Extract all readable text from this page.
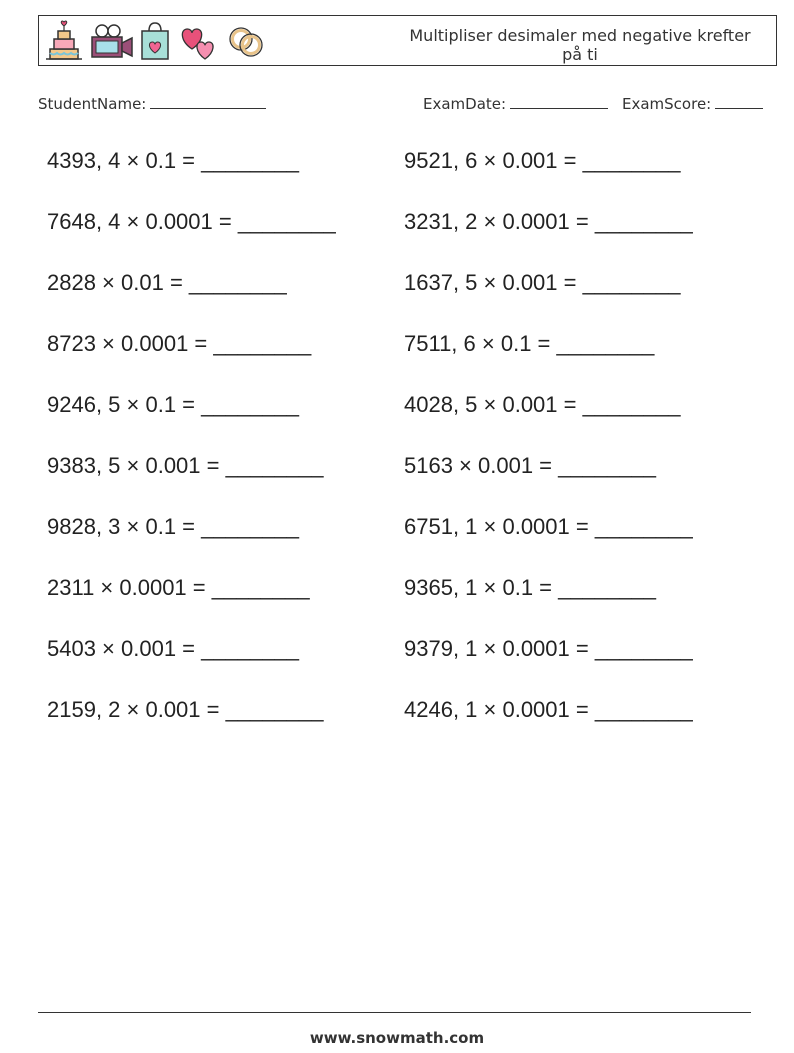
Multipliser desimaler med negative krefter på ti
StudentName:	ExamDate:	ExamScore:
4393, 4 × 0.1 = ________	9521, 6 × 0.001 = ________
7648, 4 × 0.0001 = ________	3231, 2 × 0.0001 = ________
2828 × 0.01 = ________	1637, 5 × 0.001 = ________
8723 × 0.0001 = ________	7511, 6 × 0.1 = ________
9246, 5 × 0.1 = ________	4028, 5 × 0.001 = ________
9383, 5 × 0.001 = ________	5163 × 0.001 = ________
9828, 3 × 0.1 = ________	6751, 1 × 0.0001 = ________
2311 × 0.0001 = ________	9365, 1 × 0.1 = ________
5403 × 0.001 = ________	9379, 1 × 0.0001 = ________
2159, 2 × 0.001 = ________	4246, 1 × 0.0001 = ________
www.snowmath.com
